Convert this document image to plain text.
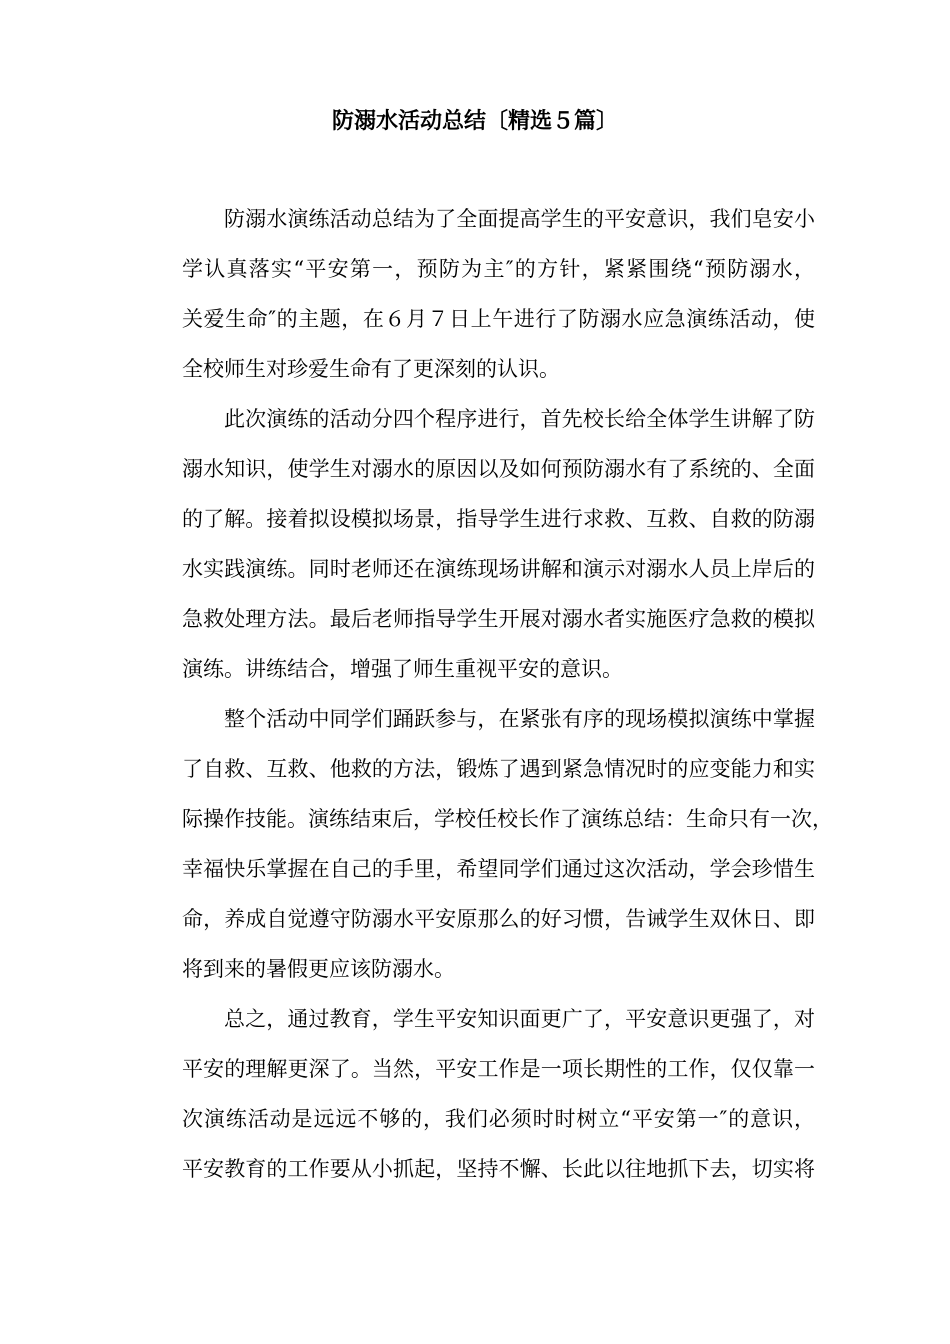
防溺水活动总结〔精选５篇〕
防溺水演练活动总结为了全面提高学生的平安意识，我们皂安小
学认真落实“平安第一，预防为主″的方针，紧紧围绕“预防溺水，
关爱生命″的主题，在６月７日上午进行了防溺水应急演练活动，使
全校师生对珍爱生命有了更深刻的认识。
此次演练的活动分四个程序进行，首先校长给全体学生讲解了防
溺水知识，使学生对溺水的原因以及如何预防溺水有了系统的、全面
的了解。接着拟设模拟场景，指导学生进行求救、互救、自救的防溺
水实践演练。同时老师还在演练现场讲解和演示对溺水人员上岸后的
急救处理方法。最后老师指导学生开展对溺水者实施医疗急救的模拟
演练。讲练结合，增强了师生重视平安的意识。
整个活动中同学们踊跃参与，在紧张有序的现场模拟演练中掌握
了自救、互救、他救的方法，锻炼了遇到紧急情况时的应变能力和实
际操作技能。演练结束后，学校任校长作了演练总结：生命只有一次，
幸福快乐掌握在自己的手里，希望同学们通过这次活动，学会珍惜生
命，养成自觉遵守防溺水平安原那么的好习惯，告诫学生双休日、即
将到来的暑假更应该防溺水。
总之，通过教育，学生平安知识面更广了，平安意识更强了，对
平安的理解更深了。当然，平安工作是一项长期性的工作，仅仅靠一
次演练活动是远远不够的，我们必须时时树立“平安第一″的意识，
平安教育的工作要从小抓起，坚持不懈、长此以往地抓下去，切实将
